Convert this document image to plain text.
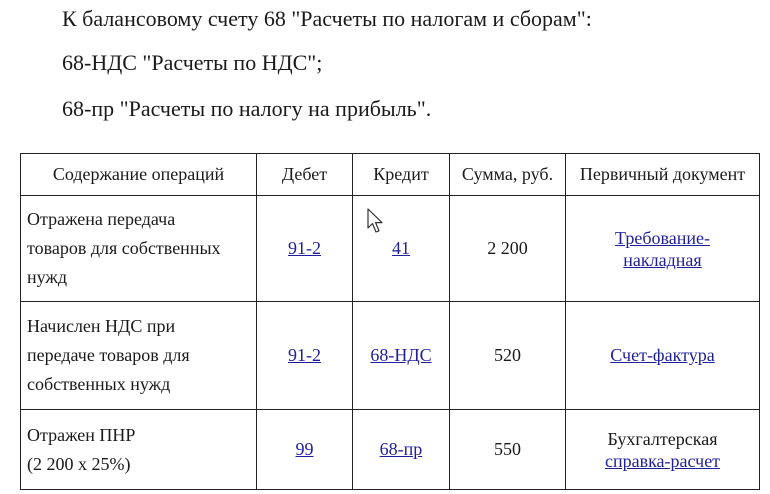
К балансовому счету 68 "Расчеты по налогам и сборам":
68-НДС "Расчеты по НДС";
68-пр "Расчеты по налогу на прибыль".
Содержание операций	Дебет	Кредит	Сумма, руб.	Первичный документ
Отражена передача
товаров для собственных
нужд	91-2	41	2 200	Требование-
накладная

Начислен НДС при
передаче товаров для
собственных нужд	91-2	68-НДС	520	Счет-фактура
Отражен ПНР
(2 200 х 25%)	99	68-пр	550	Бухгалтерская
справка-расчет
